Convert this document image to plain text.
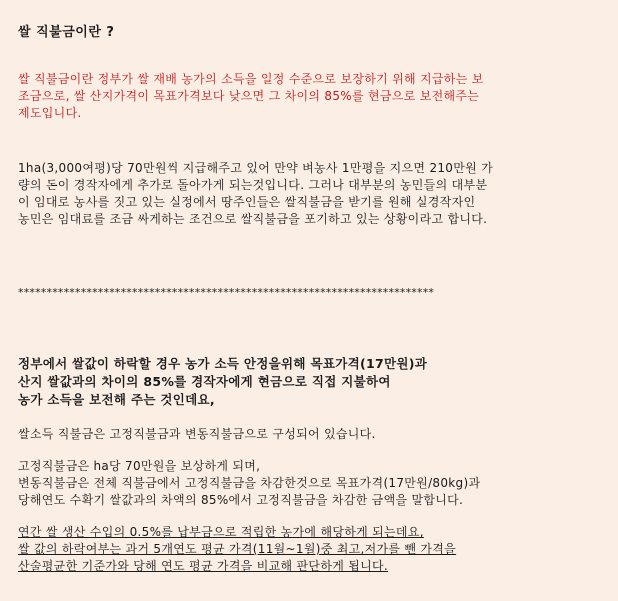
쌀 직불금이란 ?
쌀 직불금이란 정부가 쌀 재배 농가의 소득을 일정 수준으로 보장하기 위해 지급하는 보
조금으로, 쌀 산지가격이 목표가격보다 낮으면 그 차이의 85%를 현금으로 보전해주는
제도입니다.
1ha(3,000여평)당 70만원씩 지급해주고 있어 만약 벼농사 1만평을 지으면 210만원 가
량의 돈이 경작자에게 추가로 돌아가게 되는것입니다. 그러나 대부분의 농민들의 대부분
이 임대로 농사를 짓고 있는 실정에서 땅주인들은 쌀직불금을 받기를 원해 실경작자인
농민은 임대료를 조금 싸게하는 조건으로 쌀직불금을 포기하고 있는 상황이라고 합니다.
*************************************************************************
정부에서 쌀값이 하락할 경우 농가 소득 안정을위해 목표가격(17만원)과
산지 쌀값과의 차이의 85%를 경작자에게 현금으로 직접 지불하여
농가 소득을 보전해 주는 것인데요,
쌀소득 직불금은 고정직불금과 변동직불금으로 구성되어 있습니다.
고정직불금은 ha당 70만원을 보상하게 되며,
변동직불금은 전체 직불금에서 고정직불금을 차감한것으로 목표가격(17만원/80kg)과
당해연도 수확기 쌀값과의 차액의 85%에서 고정직불금을 차감한 금액을 말합니다.
연간 쌀 생산 수입의 0.5%를 납부금으로 적립한 농가에 해당하게 되는데요,
쌀 값의 하락여부는 과거 5개연도 평균 가격(11월~1월)중 최고,저가를 뺀 가격을
산술평균한 기준가와 당해 연도 평균 가격을 비교해 판단하게 됩니다.
